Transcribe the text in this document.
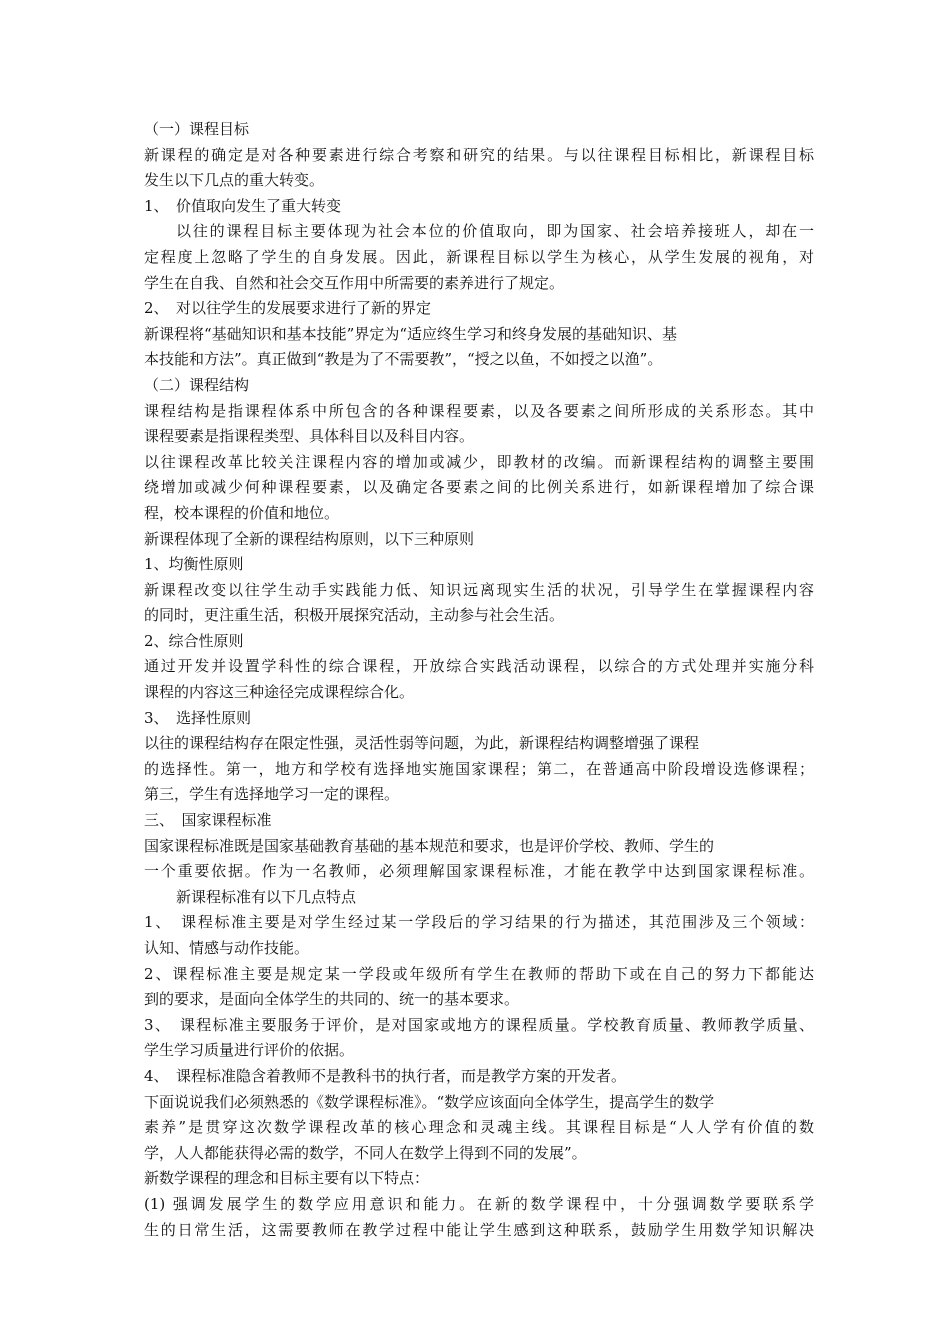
（一）课程目标
新课程的确定是对各种要素进行综合考察和研究的结果。与以往课程目标相比，新课程目标
发生以下几点的重大转变。
1、　价值取向发生了重大转变
以往的课程目标主要体现为社会本位的价值取向，即为国家、社会培养接班人，却在一
定程度上忽略了学生的自身发展。因此，新课程目标以学生为核心，从学生发展的视角，对
学生在自我、自然和社会交互作用中所需要的素养进行了规定。
2、　对以往学生的发展要求进行了新的界定
新课程将“基础知识和基本技能”界定为“适应终生学习和终身发展的基础知识、基
本技能和方法”。真正做到“教是为了不需要教”，“授之以鱼，不如授之以渔”。
（二）课程结构
课程结构是指课程体系中所包含的各种课程要素，以及各要素之间所形成的关系形态。其中
课程要素是指课程类型、具体科目以及科目内容。
以往课程改革比较关注课程内容的增加或减少，即教材的改编。而新课程结构的调整主要围
绕增加或减少何种课程要素，以及确定各要素之间的比例关系进行，如新课程增加了综合课
程，校本课程的价值和地位。
新课程体现了全新的课程结构原则，以下三种原则
1、均衡性原则
新课程改变以往学生动手实践能力低、知识远离现实生活的状况，引导学生在掌握课程内容
的同时，更注重生活，积极开展探究活动，主动参与社会生活。
2、综合性原则
通过开发并设置学科性的综合课程，开放综合实践活动课程，以综合的方式处理并实施分科
课程的内容这三种途径完成课程综合化。
3、　选择性原则
以往的课程结构存在限定性强，灵活性弱等问题，为此，新课程结构调整增强了课程
的选择性。第一，地方和学校有选择地实施国家课程；第二，在普通高中阶段增设选修课程；
第三，学生有选择地学习一定的课程。
三、　国家课程标准
国家课程标准既是国家基础教育基础的基本规范和要求，也是评价学校、教师、学生的
一个重要依据。作为一名教师，必须理解国家课程标准，才能在教学中达到国家课程标准。
新课程标准有以下几点特点
1、　课程标准主要是对学生经过某一学段后的学习结果的行为描述，其范围涉及三个领域：
认知、情感与动作技能。
2、课程标准主要是规定某一学段或年级所有学生在教师的帮助下或在自己的努力下都能达
到的要求，是面向全体学生的共同的、统一的基本要求。
3、　课程标准主要服务于评价，是对国家或地方的课程质量。学校教育质量、教师教学质量、
学生学习质量进行评价的依据。
4、　课程标准隐含着教师不是教科书的执行者，而是教学方案的开发者。
下面说说我们必须熟悉的《数学课程标准》。“数学应该面向全体学生，提高学生的数学
素养”是贯穿这次数学课程改革的核心理念和灵魂主线。其课程目标是“人人学有价值的数
学，人人都能获得必需的数学，不同人在数学上得到不同的发展”。
新数学课程的理念和目标主要有以下特点：
(1) 强调发展学生的数学应用意识和能力。在新的数学课程中，十分强调数学要联系学
生的日常生活，这需要教师在教学过程中能让学生感到这种联系，鼓励学生用数学知识解决
